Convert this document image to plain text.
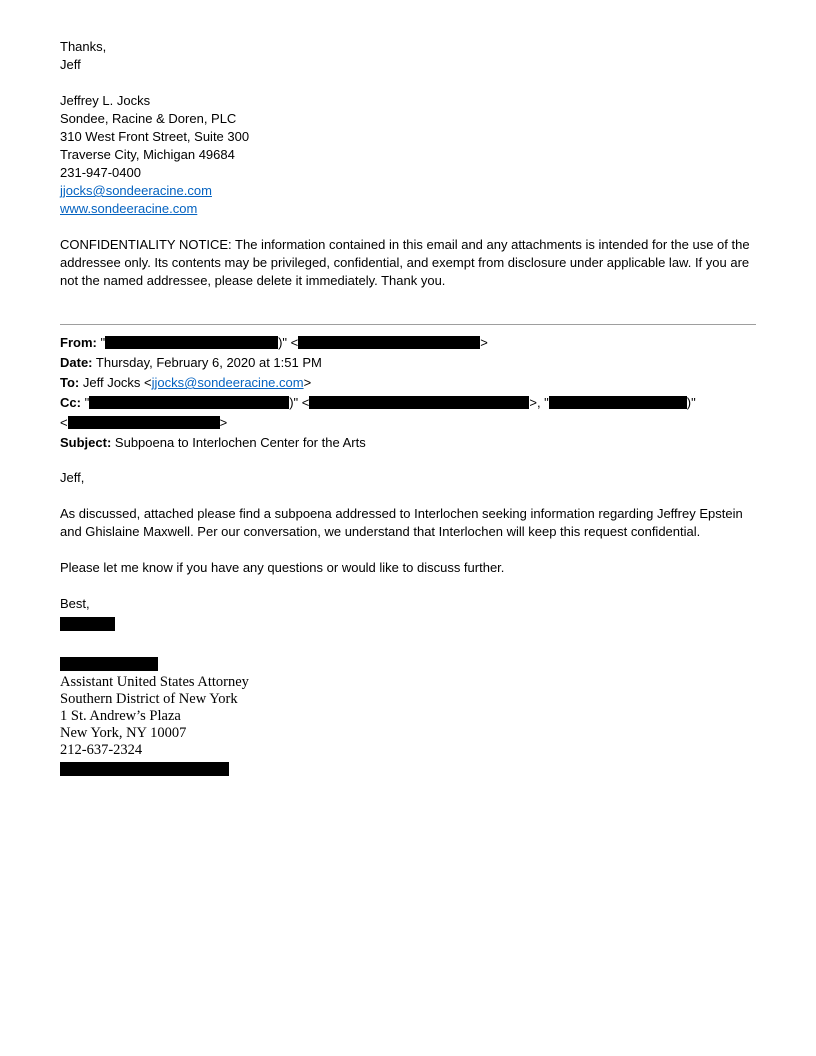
Thanks,
Jeff
Jeffrey L. Jocks
Sondee, Racine & Doren, PLC
310 West Front Street, Suite 300
Traverse City, Michigan 49684
231-947-0400
jjocks@sondeeracine.com
www.sondeeracine.com

CONFIDENTIALITY NOTICE: The information contained in this email and any attachments is intended for the use of the addressee only. Its contents may be privileged, confidential, and exempt from disclosure under applicable law. If you are not the named addressee, please delete it immediately. Thank you.

From: "	)" <	>
Date: Thursday, February 6, 2020 at 1:51 PM
To: Jeff Jocks <jjocks@sondeeracine.com>
Cc: "	)" <	>, "	)"
<	>
Subject: Subpoena to Interlochen Center for the Arts
Jeff,

As discussed, attached please find a subpoena addressed to Interlochen seeking information regarding Jeffrey Epstein and Ghislaine Maxwell. Per our conversation, we understand that Interlochen will keep this request confidential.

Please let me know if you have any questions or would like to discuss further.

Best,
Assistant United States Attorney
Southern District of New York
1 St. Andrew’s Plaza
New York, NY 10007
212-637-2324
